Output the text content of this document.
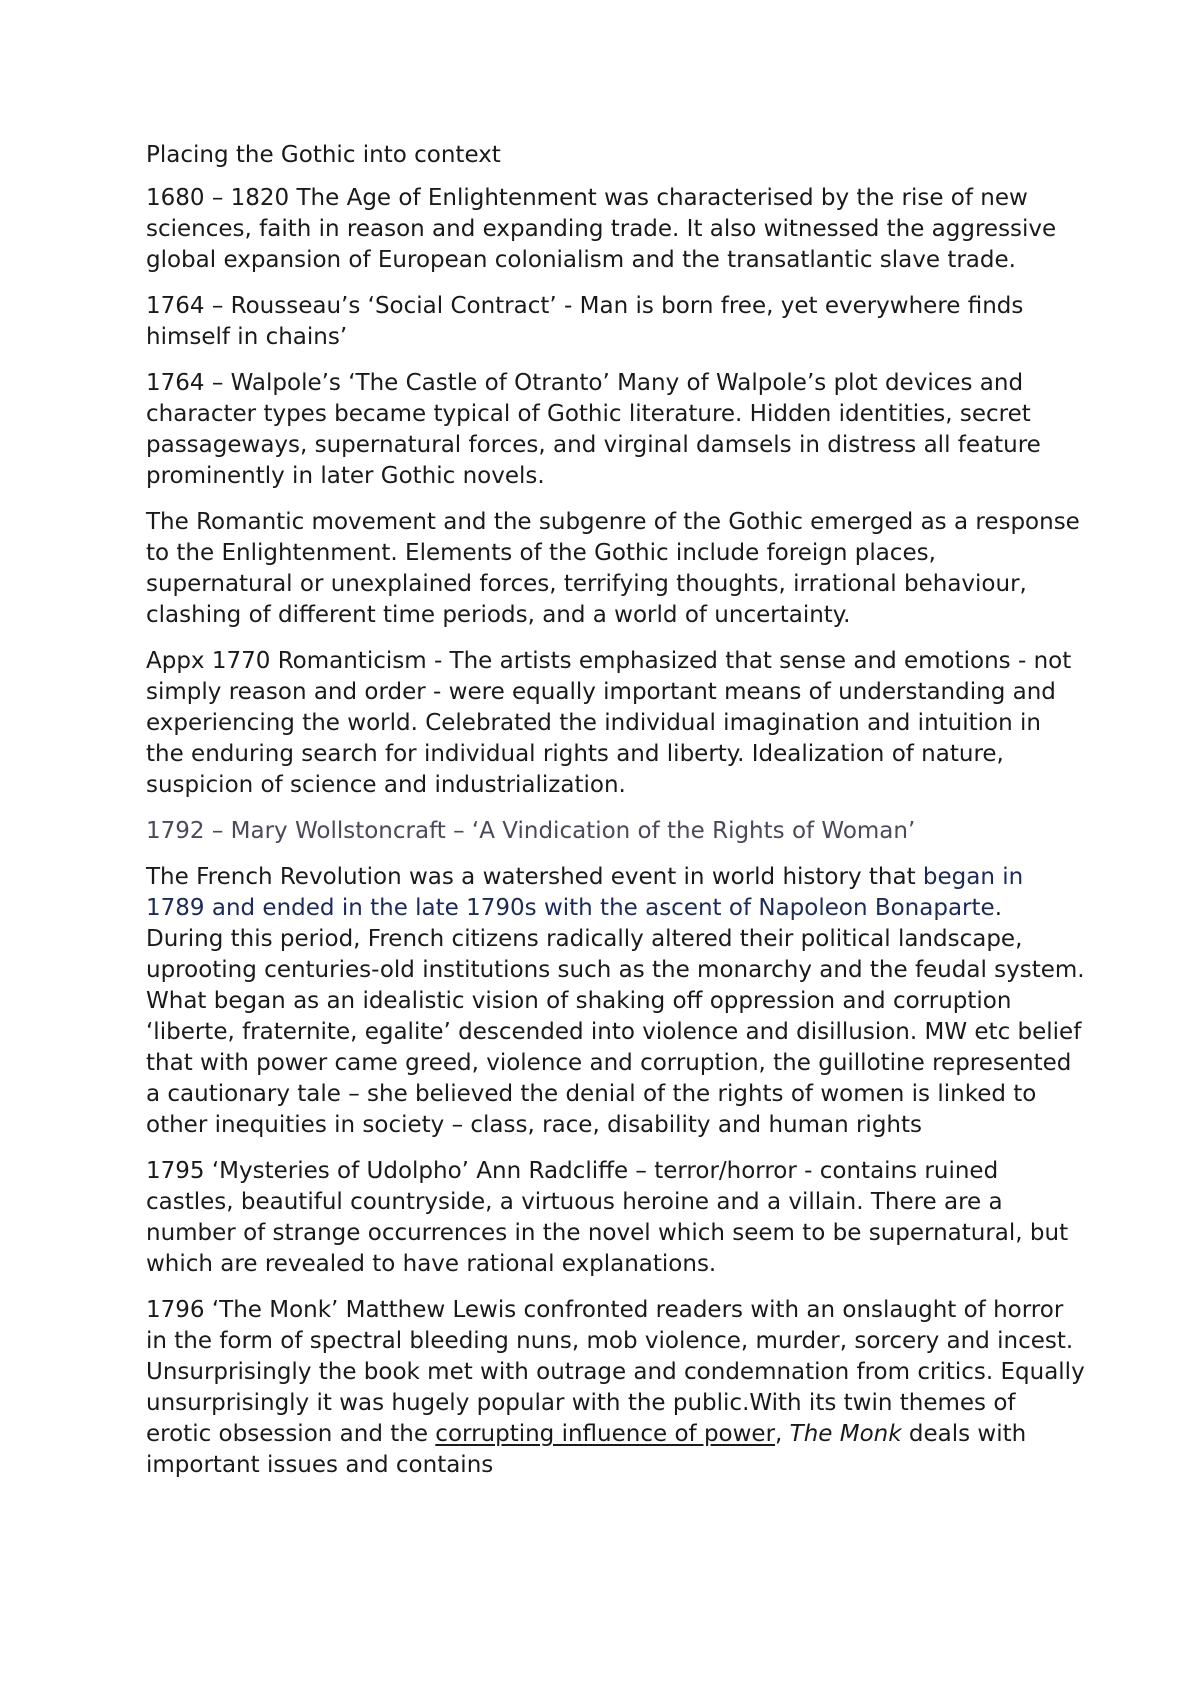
Placing the Gothic into context

1680 – 1820 The Age of Enlightenment was characterised by the rise of new sciences, faith in reason and expanding trade. It also witnessed the aggressive global expansion of European colonialism and the transatlantic slave trade.

1764 – Rousseau’s ‘Social Contract’ - Man is born free, yet everywhere finds himself in chains’

1764 – Walpole’s ‘The Castle of Otranto’ Many of Walpole’s plot devices and character types became typical of Gothic literature. Hidden identities, secret passageways, supernatural forces, and virginal damsels in distress all feature prominently in later Gothic novels.

The Romantic movement and the subgenre of the Gothic emerged as a response to the Enlightenment. Elements of the Gothic include foreign places, supernatural or unexplained forces, terrifying thoughts, irrational behaviour, clashing of different time periods, and a world of uncertainty.

Appx 1770 Romanticism - The artists emphasized that sense and emotions - not simply reason and order - were equally important means of understanding and experiencing the world. Celebrated the individual imagination and intuition in the enduring search for individual rights and liberty. Idealization of nature, suspicion of science and industrialization.

1792 – Mary Wollstoncraft – ‘A Vindication of the Rights of Woman’

The French Revolution was a watershed event in world history that began in 1789 and ended in the late 1790s with the ascent of Napoleon Bonaparte. During this period, French citizens radically altered their political landscape, uprooting centuries-old institutions such as the monarchy and the feudal system. What began as an idealistic vision of shaking off oppression and corruption ‘liberte, fraternite, egalite’ descended into violence and disillusion. MW etc belief that with power came greed, violence and corruption, the guillotine represented a cautionary tale – she believed the denial of the rights of women is linked to other inequities in society – class, race, disability and human rights

1795 ‘Mysteries of Udolpho’ Ann Radcliffe – terror/horror - contains ruined castles, beautiful countryside, a virtuous heroine and a villain. There are a number of strange occurrences in the novel which seem to be supernatural, but which are revealed to have rational explanations.

1796 ‘The Monk’ Matthew Lewis confronted readers with an onslaught of horror in the form of spectral bleeding nuns, mob violence, murder, sorcery and incest. Unsurprisingly the book met with outrage and condemnation from critics. Equally unsurprisingly it was hugely popular with the public.With its twin themes of erotic obsession and the corrupting influence of power, The Monk deals with important issues and contains
